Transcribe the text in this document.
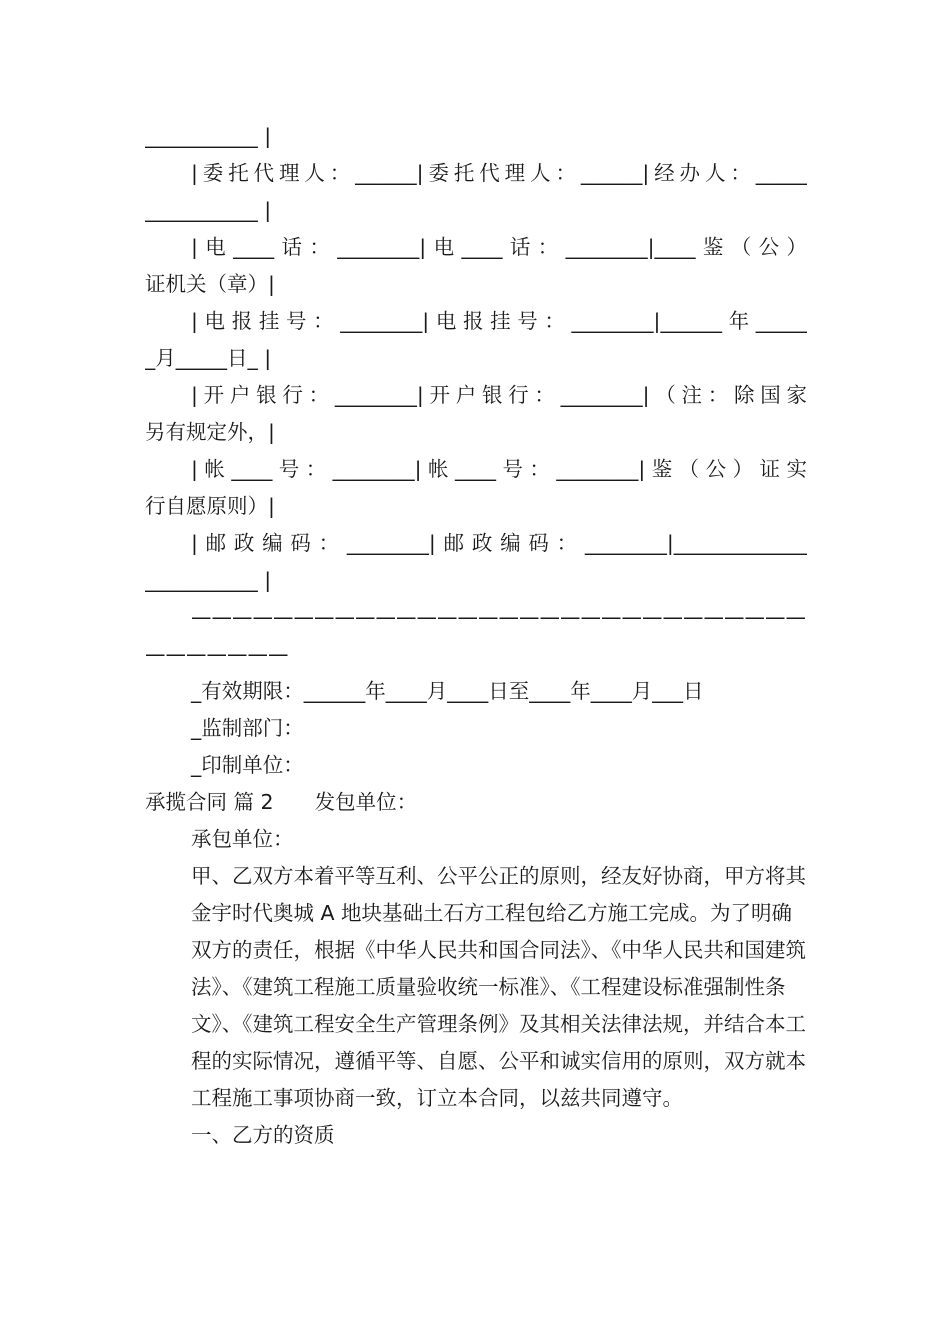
___________ |
|委托代理人：______|委托代理人：______|经办人：_____
___________ |
|电____话：________|电____话：________|____鉴（公）
证机关（章）|
|电报挂号：________|电报挂号：________|______年_____
_月_____日_ |
|开户银行：________|开户银行：________|（注：除国家
另有规定外，|
|帐____号：________|帐____号：________|鉴（公）证实
行自愿原则）|
|邮政编码：________|邮政编码：________|_____________
___________ |
——————————————————————————————
———————
_有效期限：______年____月____日至____年____月___日
_监制部门：
_印制单位：
承揽合同 篇 2　　发包单位：
承包单位：
甲、乙双方本着平等互利、公平公正的原则，经友好协商，甲方将其金宇时代奥城 A 地块基础土石方工程包给乙方施工完成。为了明确双方的责任，根据《中华人民共和国合同法》、《中华人民共和国建筑法》、《建筑工程施工质量验收统一标准》、《工程建设标准强制性条文》、《建筑工程安全生产管理条例》及其相关法律法规，并结合本工程的实际情况，遵循平等、自愿、公平和诚实信用的原则，双方就本工程施工事项协商一致，订立本合同，以兹共同遵守。
一、乙方的资质
